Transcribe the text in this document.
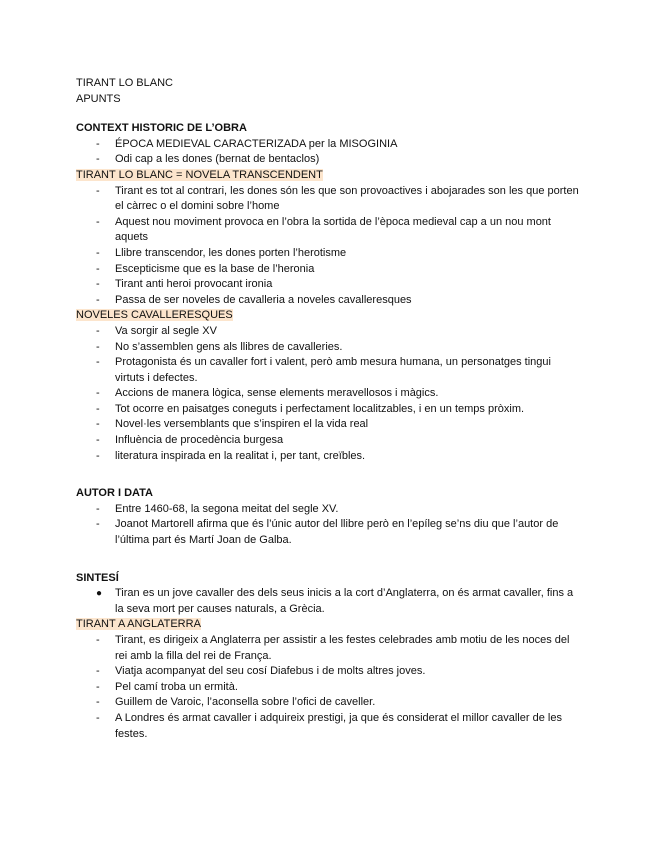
TIRANT LO BLANC
APUNTS
CONTEXT HISTORIC DE L’OBRA
-	ÉPOCA MEDIEVAL CARACTERIZADA per la MISOGINIA
-	Odi cap a les dones (bernat de bentaclos)
TIRANT LO BLANC = NOVELA TRANSCENDENT
-	Tirant es tot al contrari, les dones són les que son provoactives i abojarades son les que porten el càrrec o el domini sobre l’home
-	Aquest nou moviment provoca en l’obra la sortida de l’època medieval cap a un nou mont aquets
-	Llibre transcendor, les dones porten l’herotisme
-	Escepticisme que es la base de l’heronia
-	Tirant anti heroi provocant ironia
-	Passa de ser noveles de cavalleria a noveles cavalleresques
NOVELES CAVALLERESQUES
-	Va sorgir al segle XV
-	No s’assemblen gens als llibres de cavalleries.
-	Protagonista és un cavaller fort i valent, però amb mesura humana, un personatges tingui virtuts i defectes.
-	Accions de manera lògica, sense elements meravellosos i màgics.
-	Tot ocorre en paisatges coneguts i perfectament localitzables, i en un temps pròxim.
-	Novel·les versemblants que s’inspiren el la vida real
-	Influència de procedència burgesa
-	literatura inspirada en la realitat i, per tant, creïbles.
AUTOR I DATA
-	Entre 1460-68, la segona meitat del segle XV.
-	Joanot Martorell afirma que és l’únic autor del llibre però en l’epíleg se’ns diu que l’autor de l’última part és Martí Joan de Galba.
SINTESÍ
●	Tiran es un jove cavaller des dels seus inicis a la cort d’Anglaterra, on és armat cavaller, fins a la seva mort per causes naturals, a Grècia.
TIRANT A ANGLATERRA
-	Tirant, es dirigeix a Anglaterra per assistir a les festes celebrades amb motiu de les noces del rei amb la filla del rei de França.
-	Viatja acompanyat del seu cosí Diafebus i de molts altres joves.
-	Pel camí troba un ermità.
-	Guillem de Varoic, l’aconsella sobre l’ofici de caveller.
-	A Londres és armat cavaller i adquireix prestigi, ja que és considerat el millor cavaller de les festes.
